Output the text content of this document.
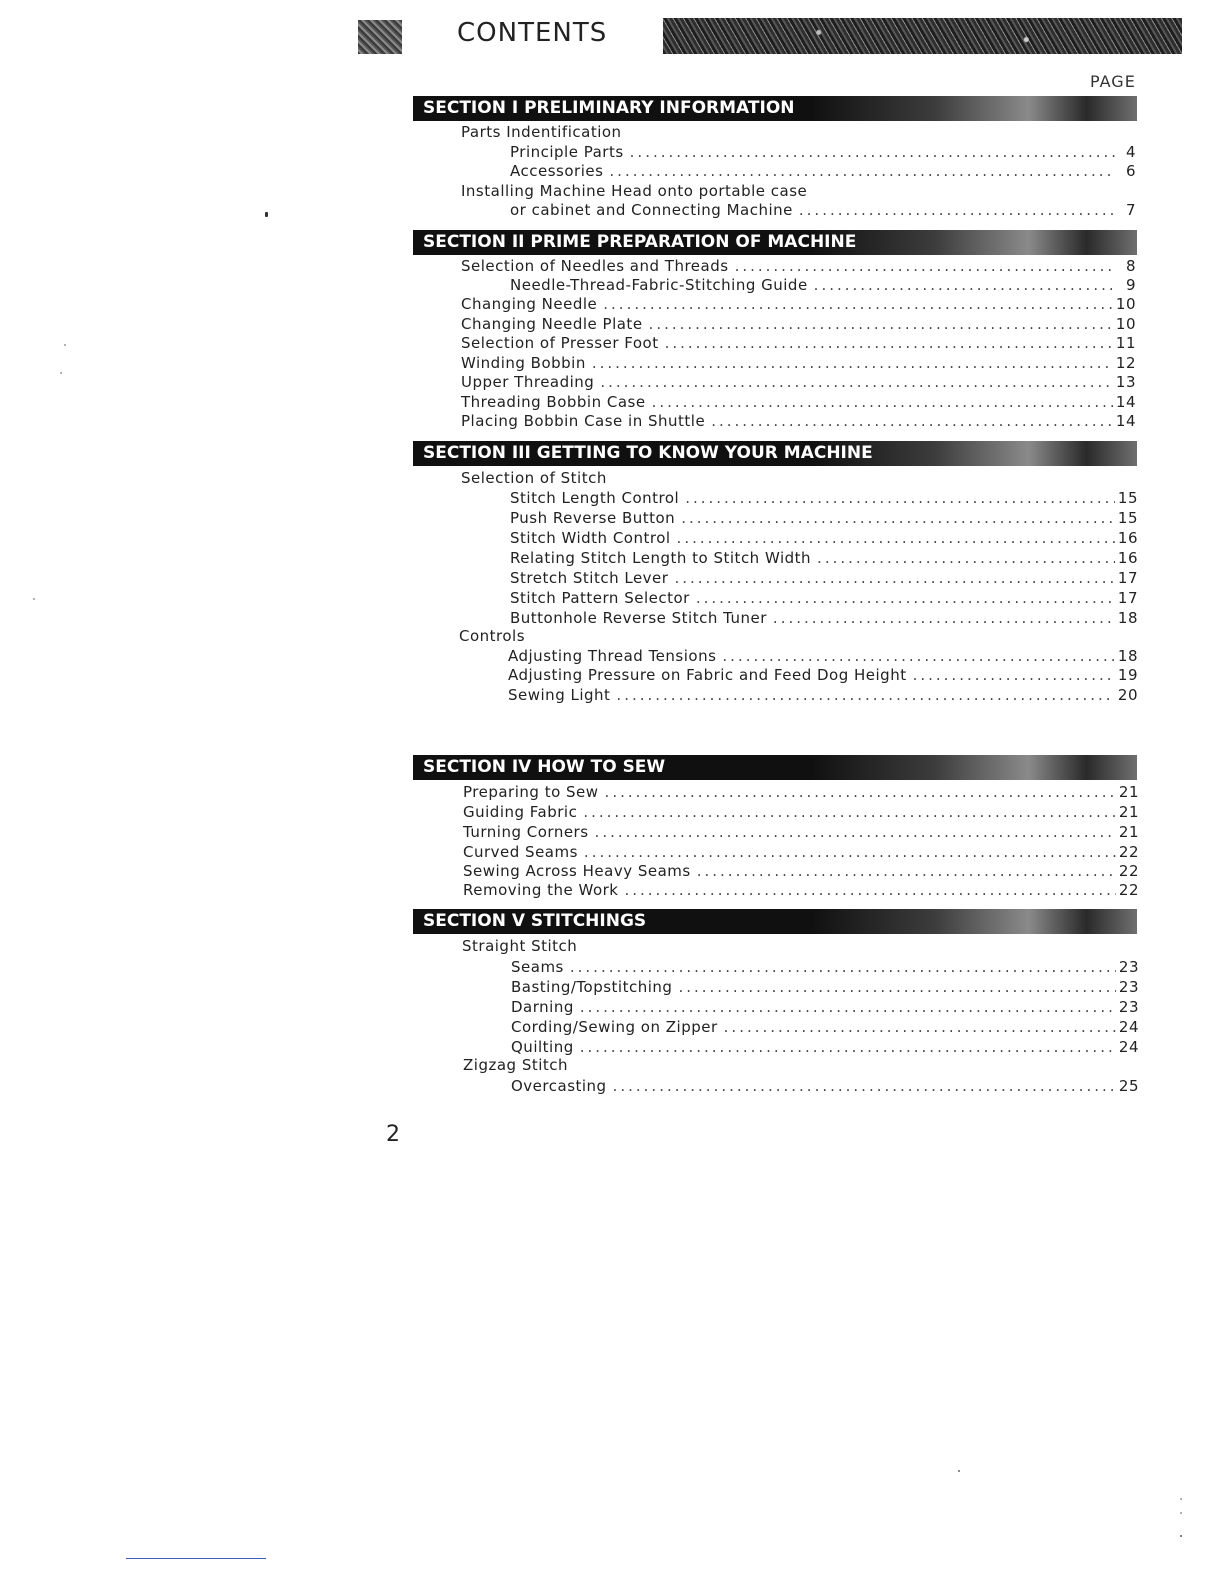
CONTENTS
PAGE
SECTION I PRELIMINARY INFORMATION
Parts Indentification
Principle Parts .....	4
Accessories .....	6
Installing Machine Head onto portable case
or cabinet and Connecting Machine .....	7
SECTION II PRIME PREPARATION OF MACHINE
Selection of Needles and Threads .....	8
Needle-Thread-Fabric-Stitching Guide .....	9
Changing Needle .....	10
Changing Needle Plate .....	10
Selection of Presser Foot .....	11
Winding Bobbin .....	12
Upper Threading .....	13
Threading Bobbin Case .....	14
Placing Bobbin Case in Shuttle .....	14
SECTION III GETTING TO KNOW YOUR MACHINE
Selection of Stitch
Stitch Length Control .....	15
Push Reverse Button .....	15
Stitch Width Control .....	16
Relating Stitch Length to Stitch Width .....	16
Stretch Stitch Lever .....	17
Stitch Pattern Selector .....	17
Buttonhole Reverse Stitch Tuner .....	18
Controls
Adjusting Thread Tensions .....	18
Adjusting Pressure on Fabric and Feed Dog Height .....	19
Sewing Light .....	20
SECTION IV HOW TO SEW
Preparing to Sew .....	21
Guiding Fabric .....	21
Turning Corners .....	21
Curved Seams .....	22
Sewing Across Heavy Seams .....	22
Removing the Work .....	22
SECTION V STITCHINGS
Straight Stitch
Seams .....	23
Basting/Topstitching .....	23
Darning .....	23
Cording/Sewing on Zipper .....	24
Quilting .....	24
Zigzag Stitch
Overcasting .....	25
2
